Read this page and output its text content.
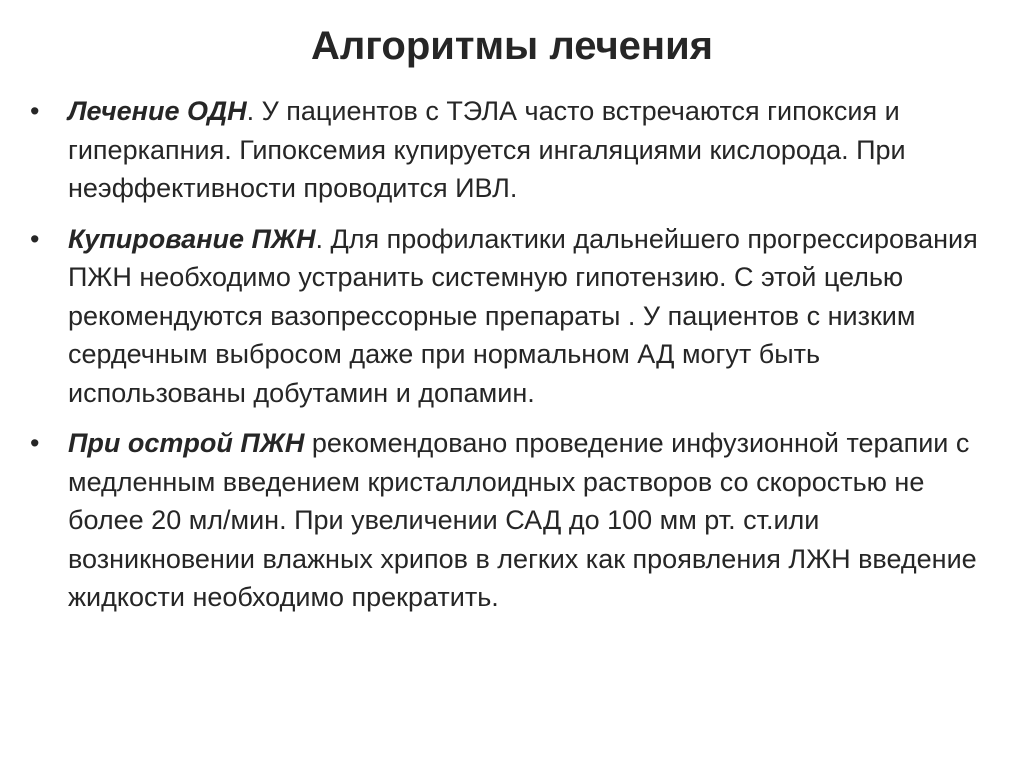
Алгоритмы лечения
•	Лечение ОДН. У пациентов с ТЭЛА часто встречаются гипоксия и гиперкапния. Гипоксемия купируется ингаляциями кислорода. При неэффективности проводится ИВЛ.
•	Купирование ПЖН. Для профилактики дальнейшего прогрессирования ПЖН необходимо устранить системную гипотензию. С этой целью рекомендуются вазопрессорные препараты . У пациентов с низким сердечным выбросом даже при нормальном АД могут быть использованы добутамин и допамин.
•	При острой ПЖН рекомендовано проведение инфузионной терапии с медленным введением кристаллоидных растворов со скоростью не более 20 мл/мин. При увеличении САД до 100 мм рт. ст.или возникновении влажных хрипов в легких как проявления ЛЖН введение жидкости необходимо прекратить.
